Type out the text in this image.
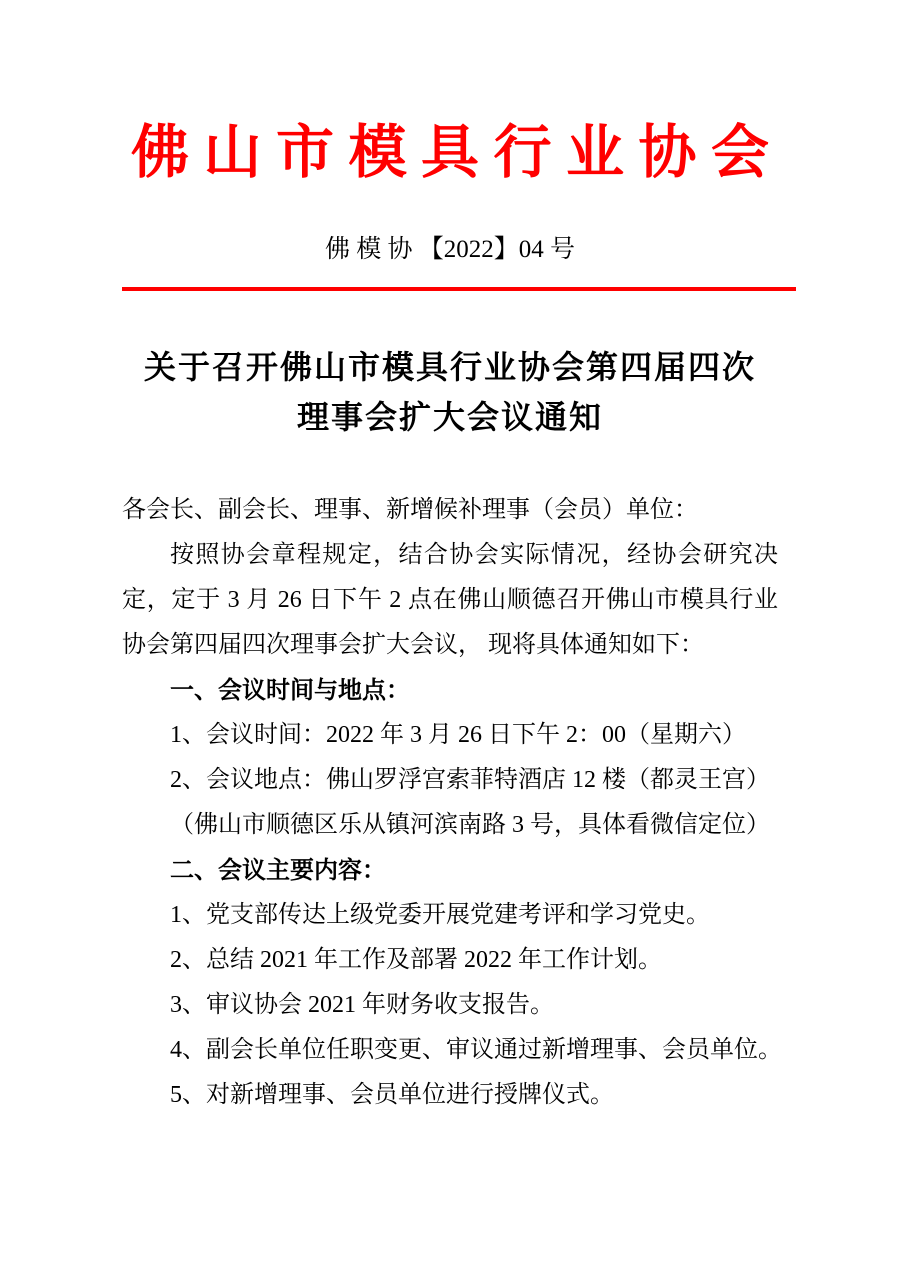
佛 山 市 模 具 行 业 协 会
佛 模 协 【2022】04 号
关于召开佛山市模具行业协会第四届四次
理事会扩大会议通知

各会长、副会长、理事、新增候补理事（会员）单位：

按照协会章程规定，结合协会实际情况，经协会研究决定，定于 3 月 26 日下午 2 点在佛山顺德召开佛山市模具行业协会第四届四次理事会扩大会议， 现将具体通知如下：

一、会议时间与地点：

1、会议时间：2022 年 3 月 26 日下午 2：00（星期六）

2、会议地点：佛山罗浮宫索菲特酒店 12 楼（都灵王宫）

（佛山市顺德区乐从镇河滨南路 3 号，具体看微信定位）

二、会议主要内容：

1、党支部传达上级党委开展党建考评和学习党史。

2、总结 2021 年工作及部署 2022 年工作计划。

3、审议协会 2021 年财务收支报告。

4、副会长单位任职变更、审议通过新增理事、会员单位。

5、对新增理事、会员单位进行授牌仪式。
